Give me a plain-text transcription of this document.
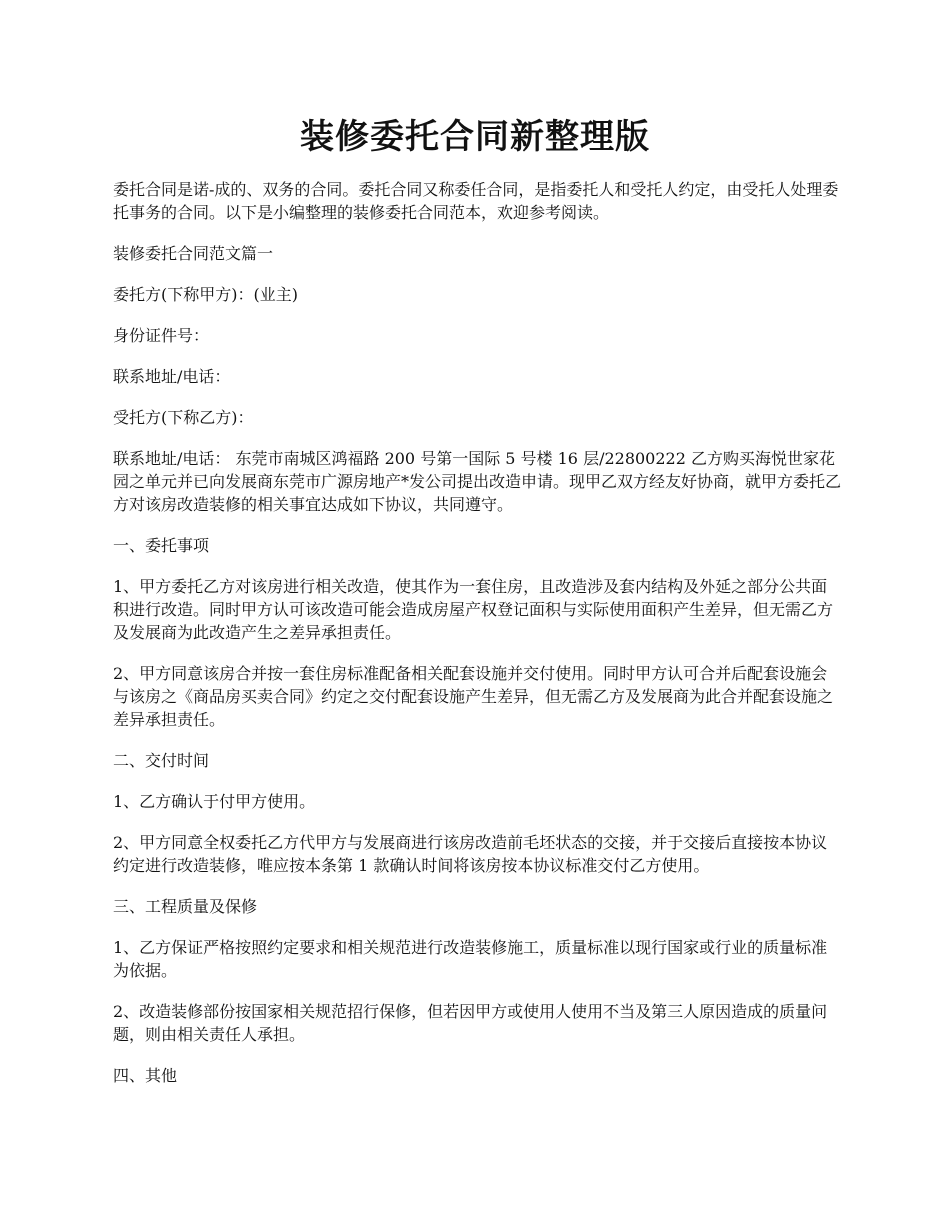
装修委托合同新整理版

委托合同是诺-成的、双务的合同。委托合同又称委任合同，是指委托人和受托人约定，由受托人处理委托事务的合同。以下是小编整理的装修委托合同范本，欢迎参考阅读。

装修委托合同范文篇一

委托方(下称甲方)：(业主)

身份证件号：

联系地址/电话：

受托方(下称乙方)：

联系地址/电话： 东莞市南城区鸿福路 200 号第一国际 5 号楼 16 层/22800222 乙方购买海悦世家花园之单元并已向发展商东莞市广源房地产*发公司提出改造申请。现甲乙双方经友好协商，就甲方委托乙方对该房改造装修的相关事宜达成如下协议，共同遵守。

一、委托事项

1、甲方委托乙方对该房进行相关改造，使其作为一套住房，且改造涉及套内结构及外延之部分公共面积进行改造。同时甲方认可该改造可能会造成房屋产权登记面积与实际使用面积产生差异，但无需乙方及发展商为此改造产生之差异承担责任。

2、甲方同意该房合并按一套住房标准配备相关配套设施并交付使用。同时甲方认可合并后配套设施会与该房之《商品房买卖合同》约定之交付配套设施产生差异，但无需乙方及发展商为此合并配套设施之差异承担责任。

二、交付时间

1、乙方确认于付甲方使用。

2、甲方同意全权委托乙方代甲方与发展商进行该房改造前毛坯状态的交接，并于交接后直接按本协议约定进行改造装修，唯应按本条第 1 款确认时间将该房按本协议标准交付乙方使用。

三、工程质量及保修

1、乙方保证严格按照约定要求和相关规范进行改造装修施工，质量标准以现行国家或行业的质量标准为依据。

2、改造装修部份按国家相关规范招行保修，但若因甲方或使用人使用不当及第三人原因造成的质量问题，则由相关责任人承担。

四、其他
